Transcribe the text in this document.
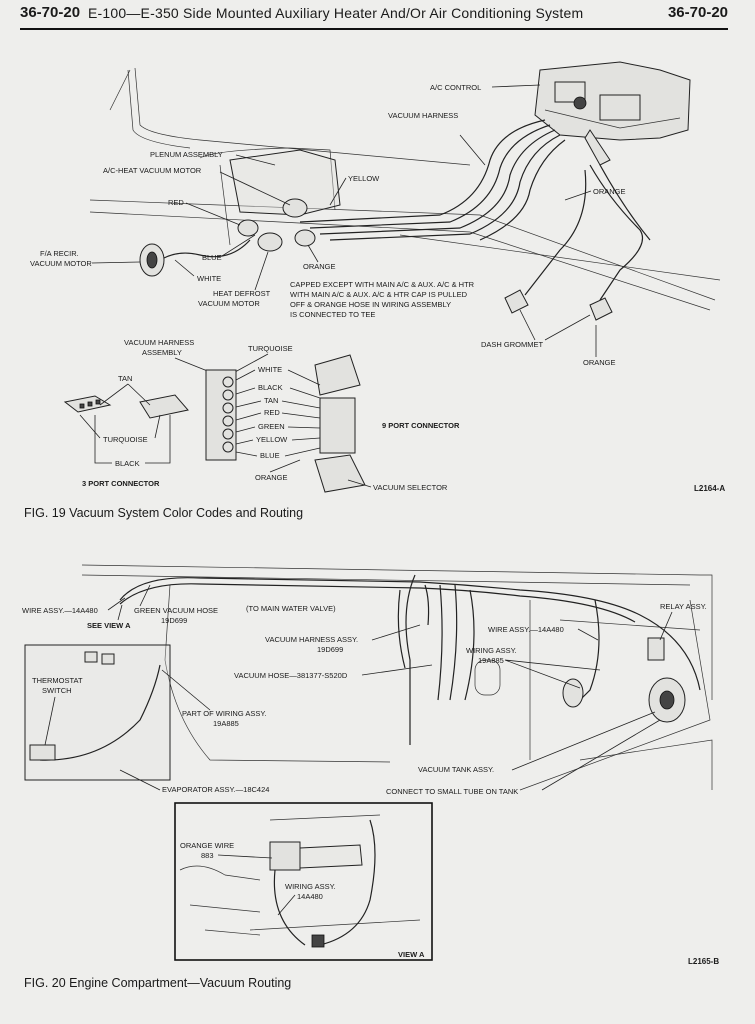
36-70-20 E-100—E-350 Side Mounted Auxiliary Heater And/Or Air Conditioning System	36-70-20
A/C CONTROL
VACUUM HARNESS
PLENUM ASSEMBLY
A/C-HEAT VACUUM MOTOR
YELLOW
ORANGE
RED
F/A RECIR.
VACUUM MOTOR
BLUE
WHITE
ORANGE
HEAT DEFROST
VACUUM MOTOR
CAPPED EXCEPT WITH MAIN A/C & AUX. A/C & HTR
WITH MAIN A/C & AUX. A/C & HTR CAP IS PULLED
OFF & ORANGE HOSE IN WIRING ASSEMBLY
IS CONNECTED TO TEE
DASH GROMMET
ORANGE
VACUUM HARNESS
ASSEMBLY	TURQUOISE
TAN
TURQUOISE
BLACK
3 PORT CONNECTOR
WHITE
BLACK
TAN
RED
GREEN
YELLOW
BLUE
ORANGE
9 PORT CONNECTOR
VACUUM SELECTOR	L2164-A
FIG. 19 Vacuum System Color Codes and Routing
WIRE ASSY.—14A480
SEE VIEW A
GREEN VACUUM HOSE
19D699
(TO MAIN WATER VALVE)	RELAY ASSY.
WIRE ASSY.—14A480
VACUUM HARNESS ASSY.
19D699	WIRING ASSY.
19A885
THERMOSTAT
SWITCH
VACUUM HOSE—381377-S520D
PART OF WIRING ASSY.
19A885
VACUUM TANK ASSY.
EVAPORATOR ASSY.—18C424	CONNECT TO SMALL TUBE ON TANK
ORANGE WIRE
883
WIRING ASSY.
14A480
VIEW A
L2165-B
FIG. 20 Engine Compartment—Vacuum Routing
